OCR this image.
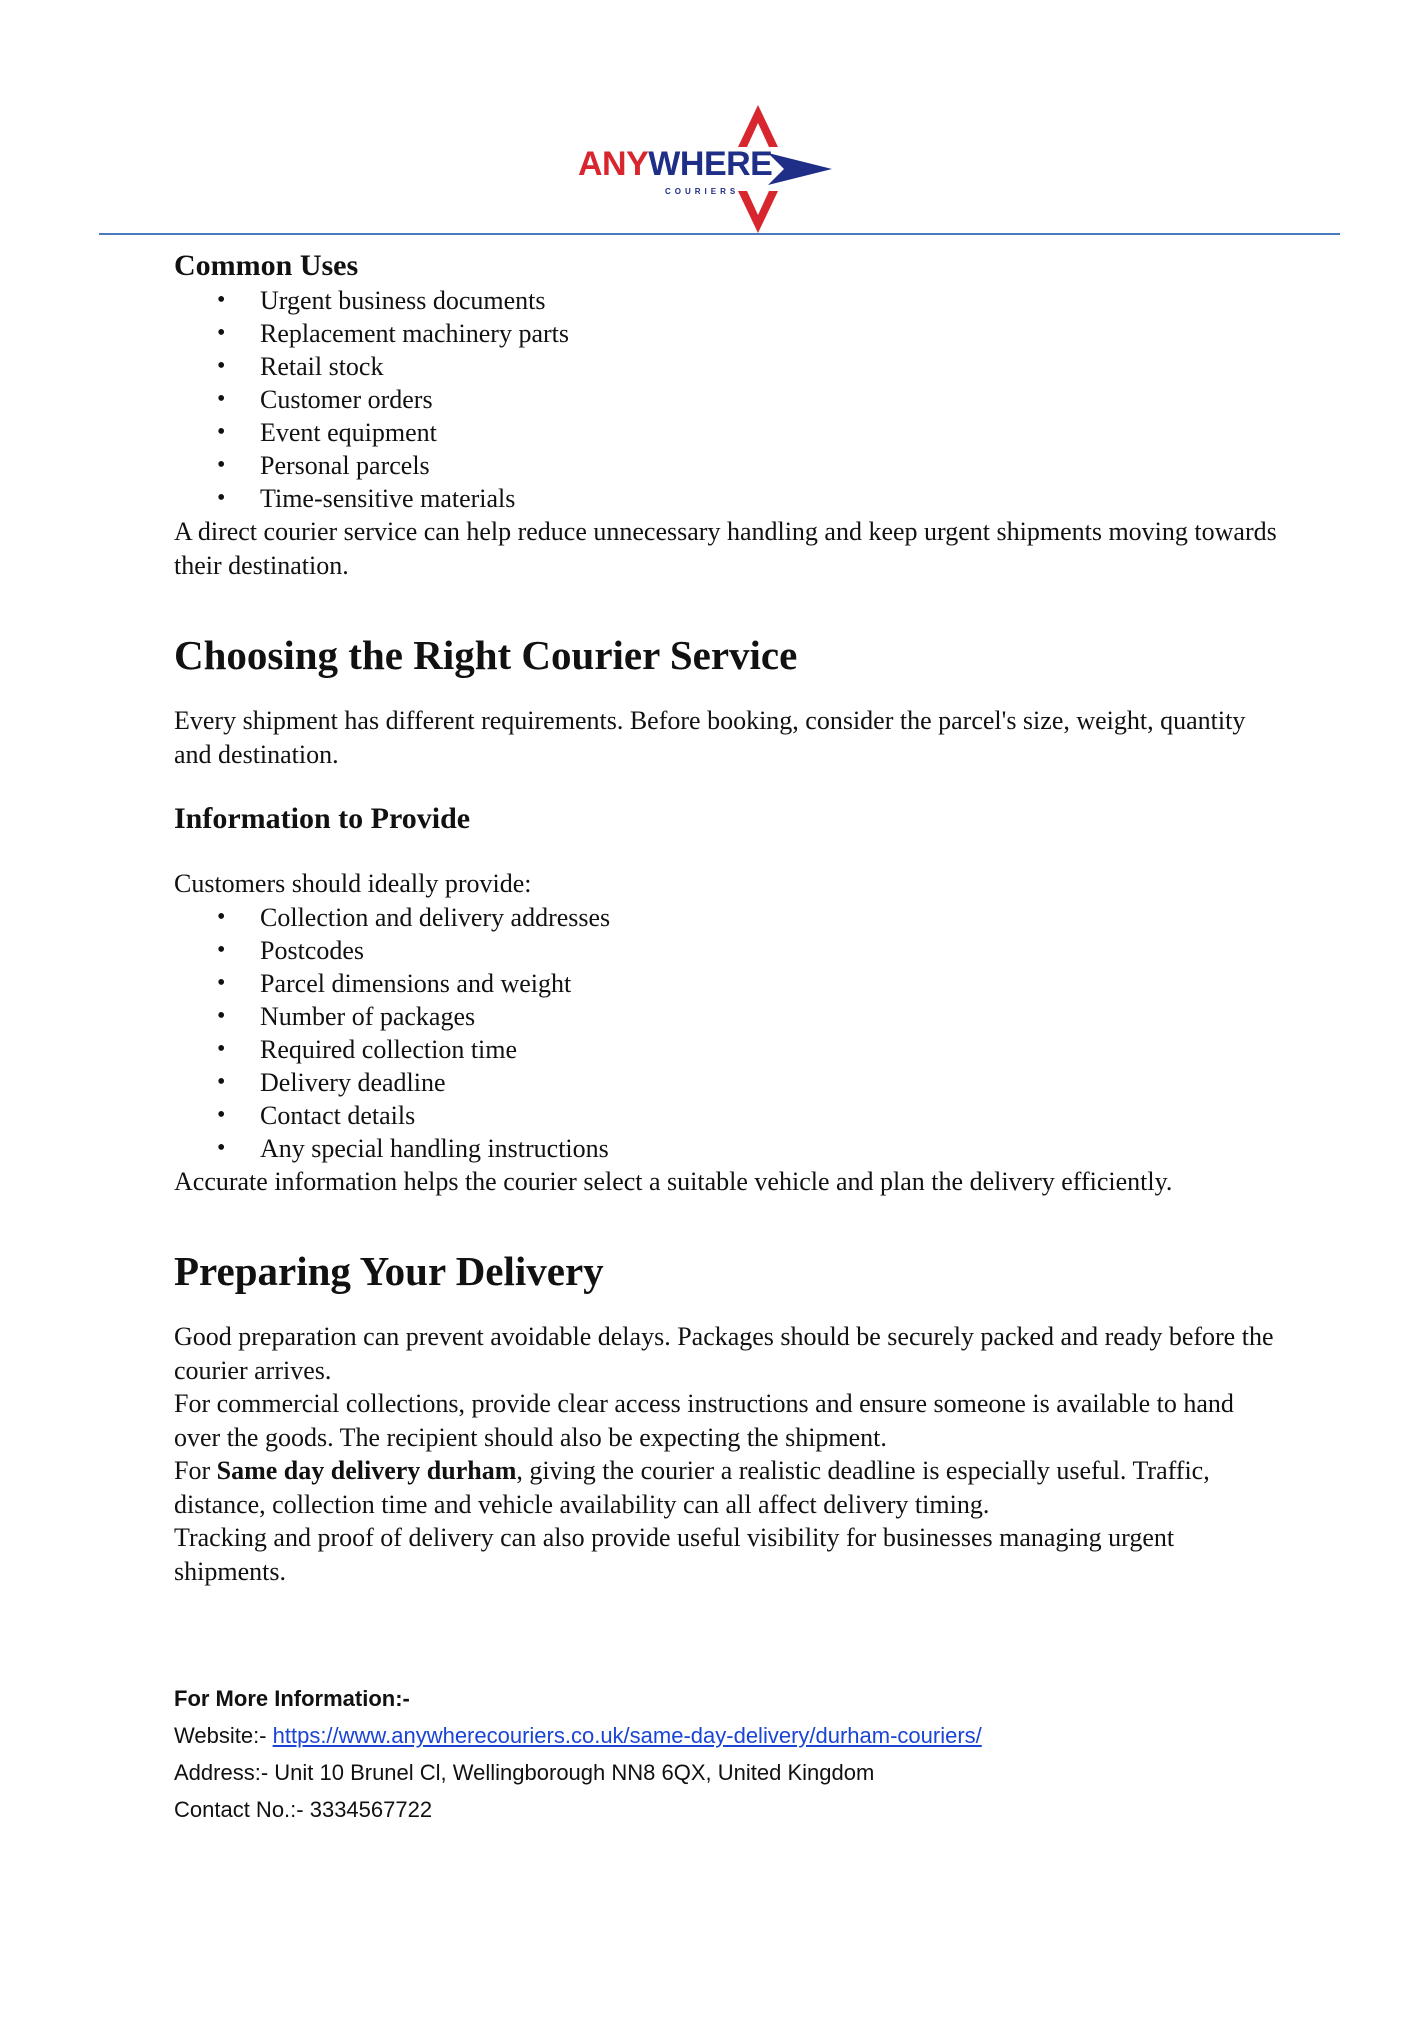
ANYWHERE
COURIERS
Common Uses
• Urgent business documents
• Replacement machinery parts
• Retail stock
• Customer orders
• Event equipment
• Personal parcels
• Time-sensitive materials

A direct courier service can help reduce unnecessary handling and keep urgent shipments moving towards their destination.

Choosing the Right Courier Service

Every shipment has different requirements. Before booking, consider the parcel's size, weight, quantity and destination.

Information to Provide

Customers should ideally provide:

• Collection and delivery addresses
• Postcodes
• Parcel dimensions and weight
• Number of packages
• Required collection time
• Delivery deadline
• Contact details
• Any special handling instructions

Accurate information helps the courier select a suitable vehicle and plan the delivery efficiently.

Preparing Your Delivery

Good preparation can prevent avoidable delays. Packages should be securely packed and ready before the courier arrives.

For commercial collections, provide clear access instructions and ensure someone is available to hand over the goods. The recipient should also be expecting the shipment.

For Same day delivery durham, giving the courier a realistic deadline is especially useful. Traffic, distance, collection time and vehicle availability can all affect delivery timing.

Tracking and proof of delivery can also provide useful visibility for businesses managing urgent shipments.

For More Information:-
Website:- https://www.anywherecouriers.co.uk/same-day-delivery/durham-couriers/
Address:- Unit 10 Brunel Cl, Wellingborough NN8 6QX, United Kingdom
Contact No.:- 3334567722
